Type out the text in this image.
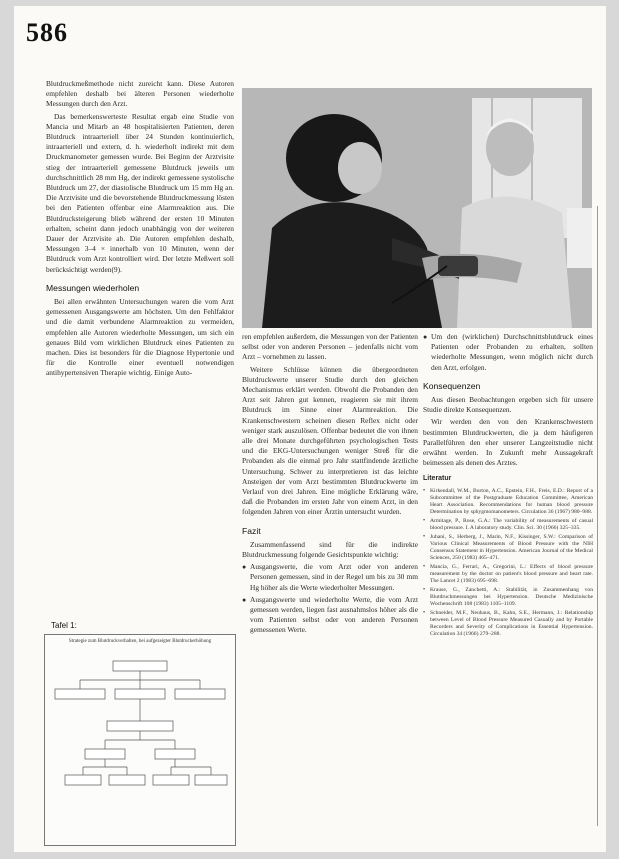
586

Blutdruckmeßmethode nicht zureicht kann. Diese Autoren empfehlen deshalb bei älteren Personen wiederholte Messungen durch den Arzt.

Das bemerkenswerteste Resultat ergab eine Studie von Mancia und Mitarb an 48 hospitalisierten Patienten, deren Blutdruck intraarteriell über 24 Stunden kontinuierlich, intraarteriell und extern, d. h. wiederholt indirekt mit dem Druckmanometer gemessen wurde. Bei Beginn der Arztvisite stieg der intraarteriell gemessene Blutdruck jeweils um durchschnittlich 28 mm Hg, der indirekt gemessene systolische Blutdruck um 27, der diastolische Blutdruck um 15 mm Hg an. Die Arztvisite und die bevorstehende Blutdruckmessung lösten bei den Patienten offenbar eine Alarmreaktion aus. Die Blutdrucksteigerung blieb während der ersten 10 Minuten erhalten, scheint dann jedoch unabhängig von der weiteren Dauer der Arztvisite ab. Die Autoren empfehlen deshalb, Messungen 3–4 × innerhalb von 10 Minuten, wenn der Blutdruck vom Arzt kontrolliert wird. Der letzte Meßwert soll berücksichtigt werden(9).

Messungen wiederholen

Bei allen erwähnten Untersuchungen waren die vom Arzt gemessenen Ausgangswerte am höchsten. Um den Fehlfaktor und die damit verbundene Alarmreaktion zu vermeiden, empfehlen alle Autoren wiederholte Messungen, um sich ein genaues Bild vom wirklichen Blutdruck eines Patienten zu machen. Dies ist besonders für die Diagnose Hypertonie und für die Kontrolle einer eventuell notwendigen antihypertensiven Therapie wichtig. Einige Auto-

Tafel 1:
Strategie zum Blutdruckverhalten, bei aufgezeigter Blutdruckerhöhung

ren empfehlen außerdem, die Messungen von der Patienten selbst oder von anderen Personen – jedenfalls nicht vom Arzt – vornehmen zu lassen.

Weitere Schlüsse können die übergeordneten Blutdruckwerte unserer Studie durch den gleichen Mechanismus erklärt werden. Obwohl die Probanden den Arzt seit Jahren gut kennen, reagieren sie mit ihrem Blutdruck im Sinne einer Alarmreaktion. Die Krankenschwestern scheinen diesen Reflex nicht oder weniger stark auszulösen. Offenbar bedeutet die von ihnen alle drei Monate durchgeführten psychologischen Tests und die EKG-Untersuchungen weniger Streß für die Probanden als die einmal pro Jahr stattfindende ärztliche Untersuchung. Schwer zu interpretieren ist das leichte Ansteigen der vom Arzt bestimmten Blutdruckwerte im Verlauf von drei Jahren. Eine mögliche Erklärung wäre, daß die Probanden im ersten Jahr von einem Arzt, in den folgenden Jahren von einer Ärztin untersucht wurden.

Fazit

Zusammenfassend sind für die indirekte Blutdruckmessung folgende Gesichtspunkte wichtig:

● Ausgangswerte, die vom Arzt oder von anderen Personen gemessen, sind in der Regel um bis zu 30 mm Hg höher als die Werte wiederholter Messungen.
● Ausgangswerte und wiederholte Werte, die vom Arzt gemessen werden, liegen fast ausnahmslos höher als die vom Patienten selbst oder von anderen Personen gemessenen Werte.
● Um den (wirklichen) Durchschnittsblutdruck eines Patienten oder Probanden zu erhalten, sollten wiederholte Messungen, wenn möglich nicht durch den Arzt, erfolgen.
Konsequenzen

Aus diesen Beobachtungen ergeben sich für unsere Studie direkte Konsequenzen.

Wir werden den von den Krankenschwestern bestimmten Blutdruckwerten, die ja dem häufigeren Parallelführen den eher unserer Langzeitstudie nicht erwähnt werden. In Zukunft mehr Aussagekraft beimessen als denen des Arztes.

Literatur
• Kirkendall, W.M., Burton, A.C., Epstein, F.H., Freis, E.D.: Report of a Subcommittee of the Postgraduate Education Committee, American Heart Association. Recommendations for human blood pressure Determination by sphygmomanometers. Circulation 36 (1967) 980–988.
• Armitage, P., Rose, G.A.: The variability of measurements of casual blood pressure. I. A laboratory study. Clin. Sci. 30 (1966) 325–335.
• Juhani, S., Herberg, J., Marin, N.F., Kissinger, S.W.: Comparison of Various Clinical Measurements of Blood Pressure with the NIH Consensus Statement in Hypertension. American Journal of the Medical Sciences, 250 (1983) 465–471.
• Mancia, G., Ferrari, A., Gregorini, L.: Effects of blood pressure measurement by the doctor on patient's blood pressure and heart rate. The Lancet 2 (1983) 695–698.
• Krause, G., Zanchetti, A.: Stabilität, in Zusammenhang von Blutdruckmessungen bei Hypertension. Deutsche Medizinische Wochenschrift 108 (1983) 1105–1109.
• Schneider, M.F., Neuhaus, B., Kahn, S.E., Hermann, J.: Relationship between Level of Blood Pressure Measured Casually and by Portable Recorders and Severity of Complications in Essential Hypertension. Circulation 34 (1966) 279–288.
